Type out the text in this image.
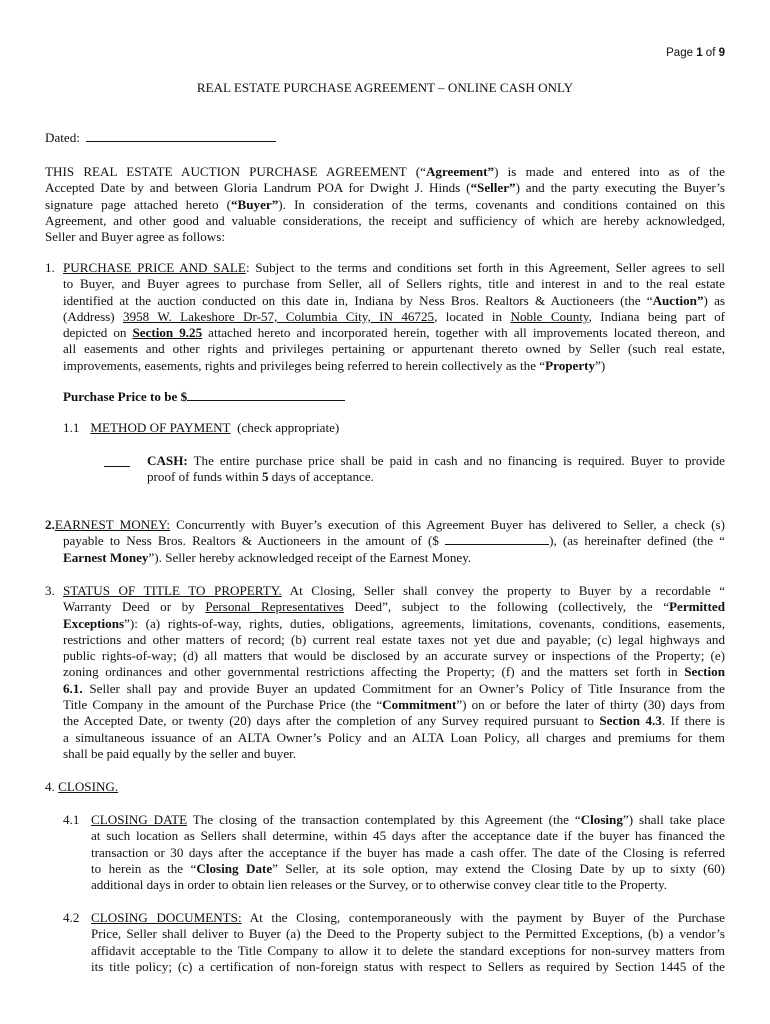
Page 1 of 9
REAL ESTATE PURCHASE AGREEMENT – ONLINE CASH ONLY
Dated:
THIS REAL ESTATE AUCTION PURCHASE AGREEMENT (“Agreement”) is made and entered into as of the
Accepted Date by and between Gloria Landrum POA for Dwight J. Hinds (“Seller”) and the party executing the Buyer’s
signature page attached hereto (“Buyer”). In consideration of the terms, covenants and conditions contained on this
Agreement, and other good and valuable considerations, the receipt and sufficiency of which are hereby acknowledged,
Seller and Buyer agree as follows:
1. PURCHASE PRICE AND SALE: Subject to the terms and conditions set forth in this Agreement, Seller agrees to sell
to Buyer, and Buyer agrees to purchase from Seller, all of Sellers rights, title and interest in and to the real estate
identified at the auction conducted on this date in, Indiana by Ness Bros. Realtors & Auctioneers (the “Auction”) as
(Address) 3958 W. Lakeshore Dr-57, Columbia City, IN 46725, located in Noble County, Indiana being part of
depicted on Section 9.25 attached hereto and incorporated herein, together with all improvements located thereon, and
all easements and other rights and privileges pertaining or appurtenant thereto owned by Seller (such real estate,
improvements, easements, rights and privileges being referred to herein collectively as the “Property”)
Purchase Price to be $
1.1 METHOD OF PAYMENT (check appropriate)
CASH: The entire purchase price shall be paid in cash and no financing is required. Buyer to provide
proof of funds within 5 days of acceptance.
2.EARNEST MONEY: Concurrently with Buyer’s execution of this Agreement Buyer has delivered to Seller, a check (s)
payable to Ness Bros. Realtors & Auctioneers in the amount of ($	), (as hereinafter defined (the “
Earnest Money”). Seller hereby acknowledged receipt of the Earnest Money.
3. STATUS OF TITLE TO PROPERTY. At Closing, Seller shall convey the property to Buyer by a recordable “
Warranty Deed or by Personal Representatives Deed”, subject to the following (collectively, the “Permitted
Exceptions”): (a) rights-of-way, rights, duties, obligations, agreements, limitations, covenants, conditions, easements,
restrictions and other matters of record; (b) current real estate taxes not yet due and payable; (c) legal highways and
public rights-of-way; (d) all matters that would be disclosed by an accurate survey or inspections of the Property; (e)
zoning ordinances and other governmental restrictions affecting the Property; (f) and the matters set forth in Section
6.1. Seller shall pay and provide Buyer an updated Commitment for an Owner’s Policy of Title Insurance from the
Title Company in the amount of the Purchase Price (the “Commitment”) on or before the later of thirty (30) days from
the Accepted Date, or twenty (20) days after the completion of any Survey required pursuant to Section 4.3. If there is
a simultaneous issuance of an ALTA Owner’s Policy and an ALTA Loan Policy, all charges and premiums for them
shall be paid equally by the seller and buyer.
4. CLOSING.
4.1 CLOSING DATE The closing of the transaction contemplated by this Agreement (the “Closing”) shall take place
at such location as Sellers shall determine, within 45 days after the acceptance date if the buyer has financed the
transaction or 30 days after the acceptance if the buyer has made a cash offer. The date of the Closing is referred
to herein as the “Closing Date” Seller, at its sole option, may extend the Closing Date by up to sixty (60)
additional days in order to obtain lien releases or the Survey, or to otherwise convey clear title to the Property.
4.2 CLOSING DOCUMENTS: At the Closing, contemporaneously with the payment by Buyer of the Purchase
Price, Seller shall deliver to Buyer (a) the Deed to the Property subject to the Permitted Exceptions, (b) a vendor’s
affidavit acceptable to the Title Company to allow it to delete the standard exceptions for non-survey matters from
its title policy; (c) a certification of non-foreign status with respect to Sellers as required by Section 1445 of the
